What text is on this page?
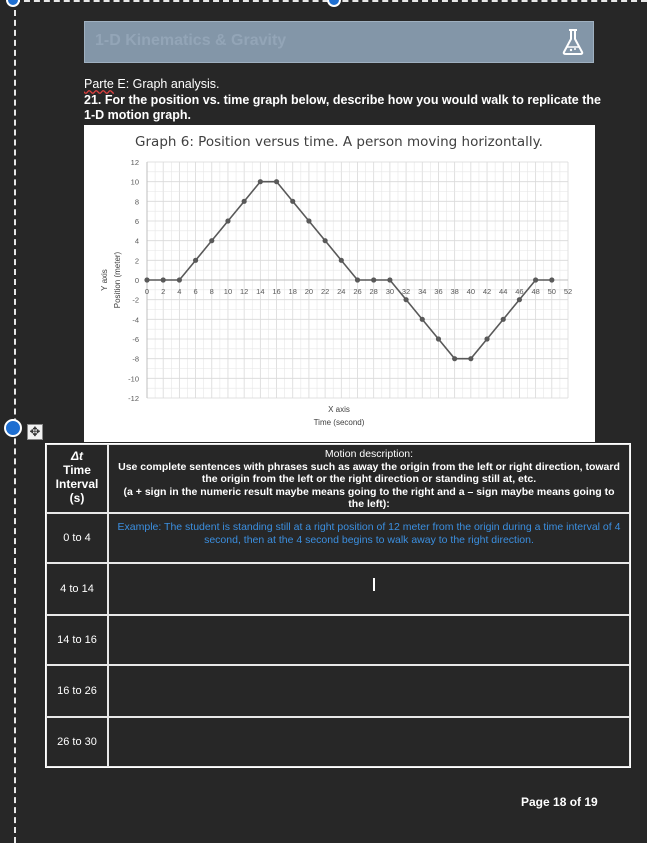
✥
1-D Kinematics & Gravity
Parte E: Graph analysis.
21. For the position vs. time graph below, describe how you would walk to replicate the 1-D motion graph.
Graph 6: Position versus time. A person moving horizontally.
-12
-10
-8
-6
-4
-2
0
2
4
6
8
10
12
0 2 4 6 8 10 12 14 16 18 20 22 24 26 28 30 32 34 36 38 40 42 44 46 48 50 52
X axis
Time (second)
Y axis Position (meter)
Δt
Time
Interval
(s)
Motion description:
Use complete sentences with phrases such as away the origin from the left or right direction, toward the origin from the left or the right direction or standing still at, etc.
(a + sign in the numeric result maybe means going to the right and a – sign maybe means going to the left):
0 to 4
Example: The student is standing still at a right position of 12 meter from the origin during a time interval of 4 second, then at the 4 second begins to walk away to the right direction.
4 to 14
14 to 16
16 to 26
26 to 30
Page 18 of 19
